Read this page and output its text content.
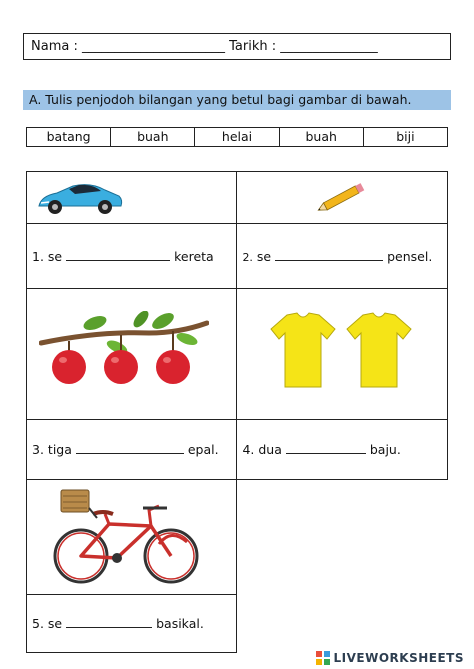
Nama : ______________________ Tarikh : _______________
A. Tulis penjodoh bilangan yang betul bagi gambar di bawah.
batang	buah	helai	buah	biji

1. se kereta	2. se pensel.

3. tiga epal.	4. dua baju.

5. se basikal.	
LIVEWORKSHEETS
